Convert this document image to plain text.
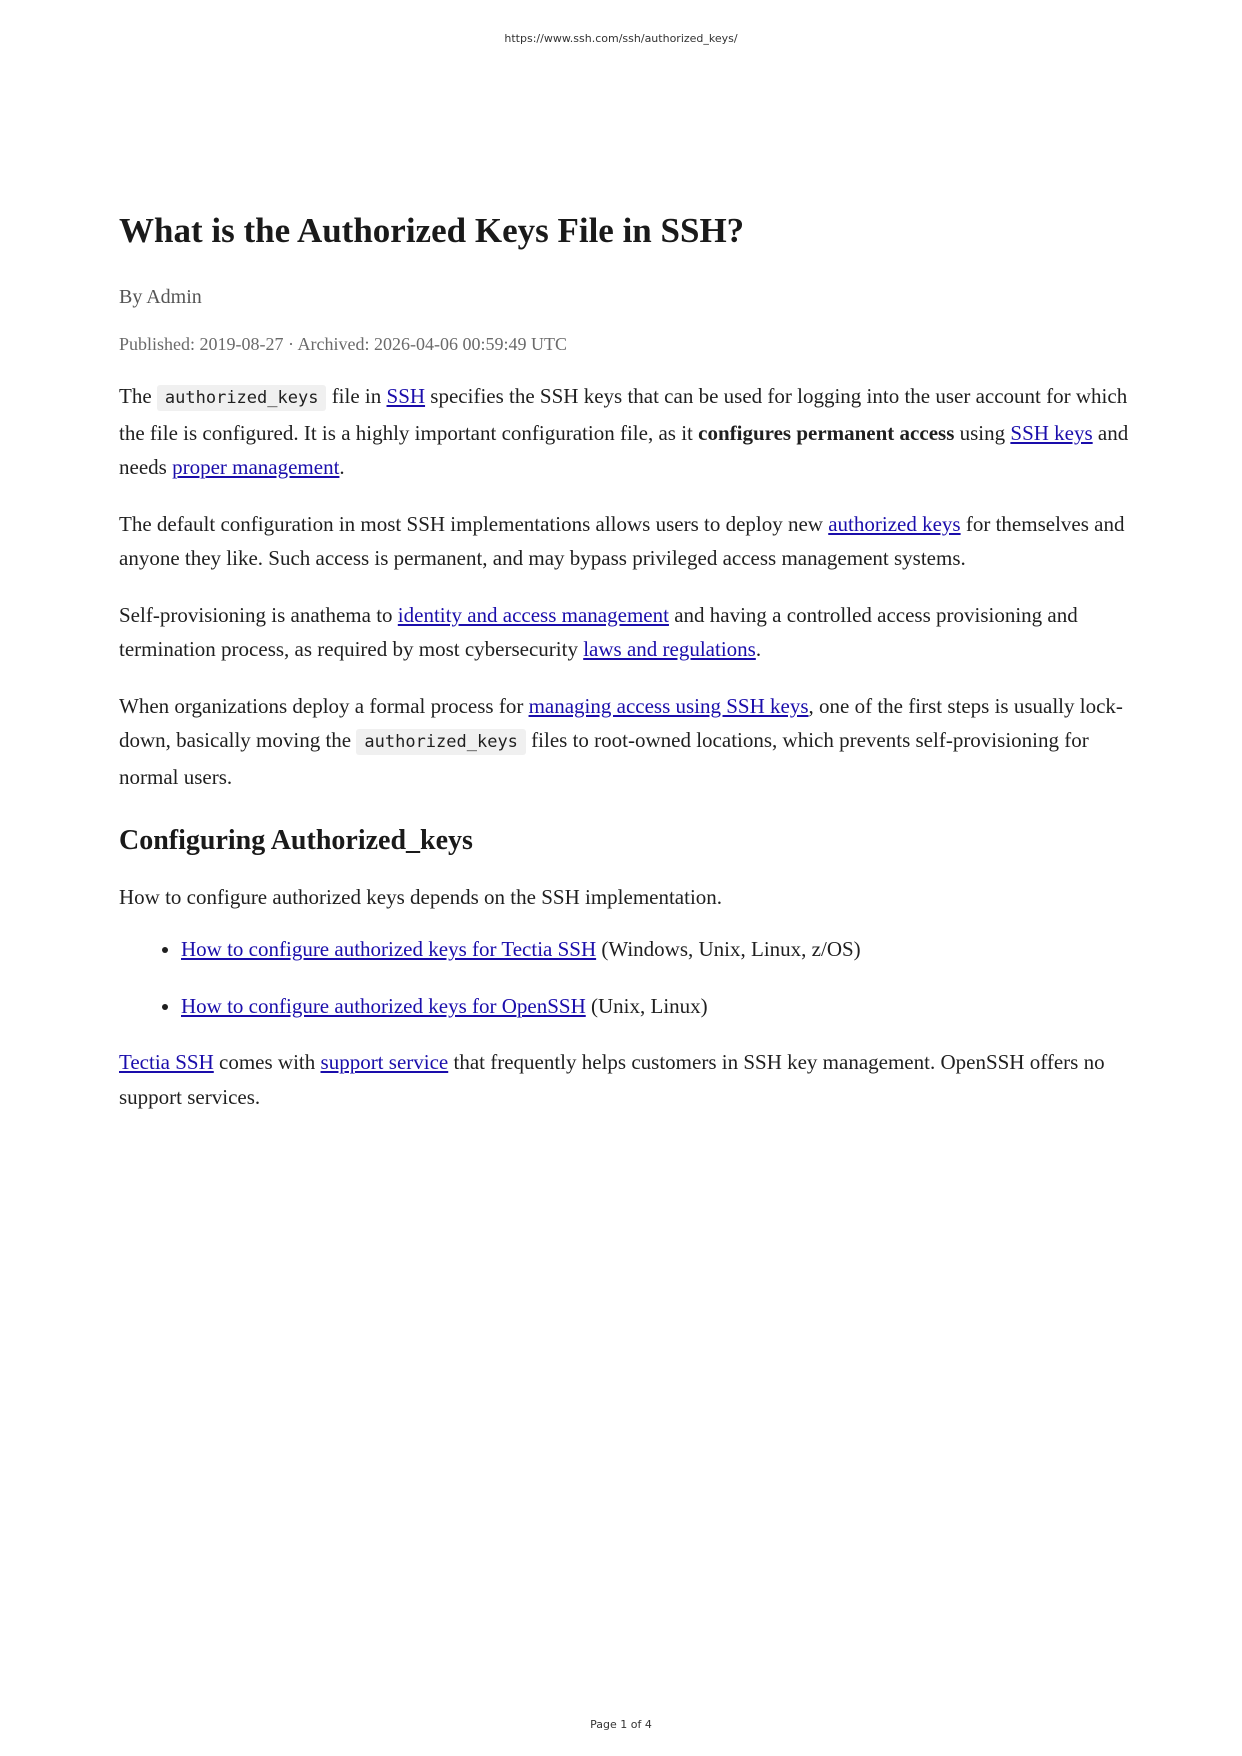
https://www.ssh.com/ssh/authorized_keys/
What is the Authorized Keys File in SSH?
By Admin
Published: 2019-08-27 · Archived: 2026-04-06 00:59:49 UTC

The authorized_keys file in SSH specifies the SSH keys that can be used for logging into the user account for which the file is configured. It is a highly important configuration file, as it configures permanent access using SSH keys and needs proper management.

The default configuration in most SSH implementations allows users to deploy new authorized keys for themselves and anyone they like. Such access is permanent, and may bypass privileged access management systems.

Self-provisioning is anathema to identity and access management and having a controlled access provisioning and termination process, as required by most cybersecurity laws and regulations.

When organizations deploy a formal process for managing access using SSH keys, one of the first steps is usually lock-down, basically moving the authorized_keys files to root-owned locations, which prevents self-provisioning for normal users.

Configuring Authorized_keys

How to configure authorized keys depends on the SSH implementation.

• How to configure authorized keys for Tectia SSH (Windows, Unix, Linux, z/OS)
• How to configure authorized keys for OpenSSH (Unix, Linux)

Tectia SSH comes with support service that frequently helps customers in SSH key management. OpenSSH offers no support services.

Page 1 of 4
